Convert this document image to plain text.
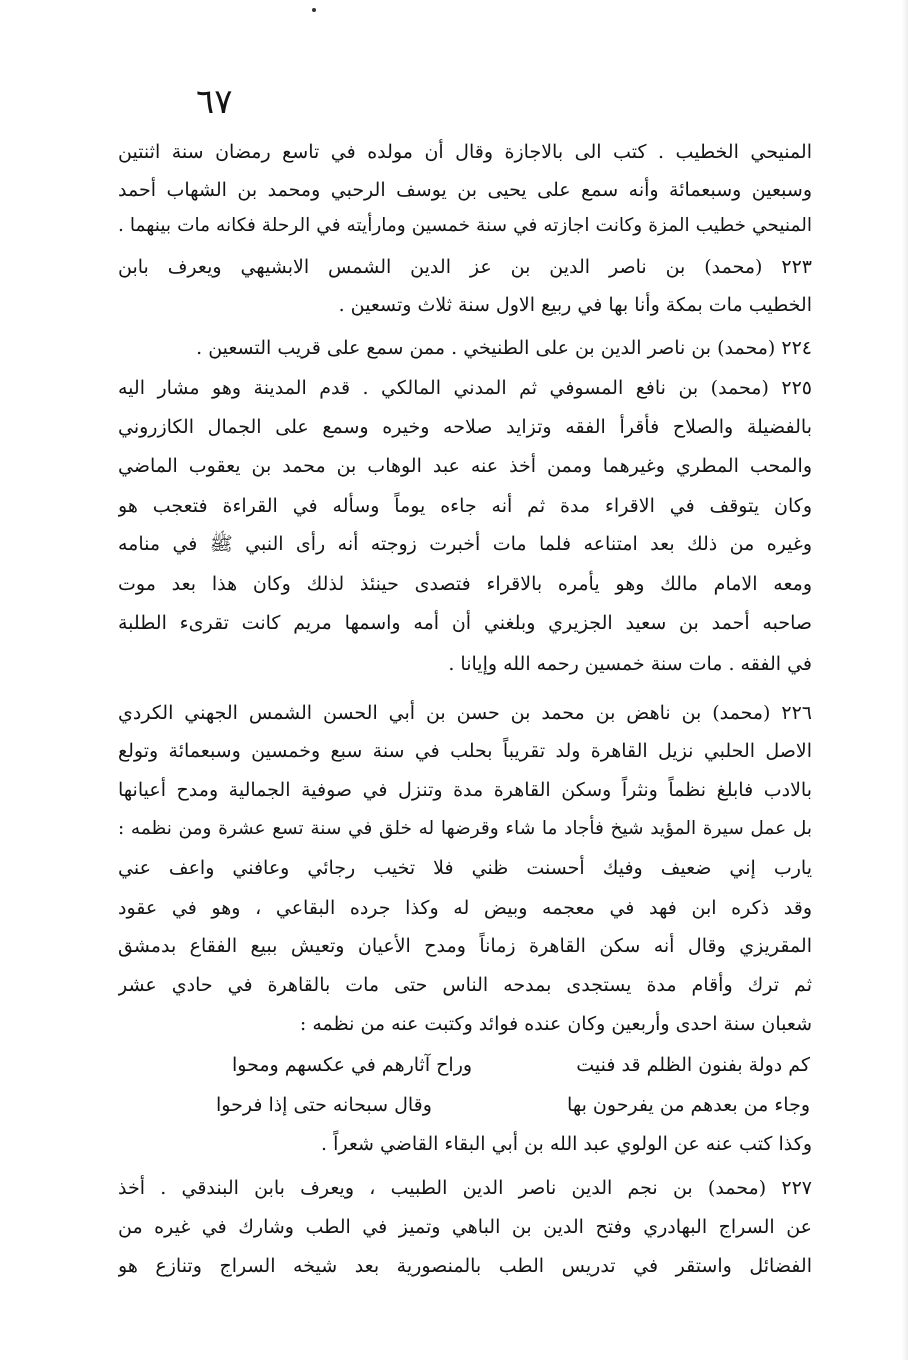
٦٧
المنيحي الخطيب . كتب الى بالاجازة وقال أن مولده في تاسع رمضان سنة اثنتين
وسبعين وسبعمائة وأنه سمع على يحيى بن يوسف الرحبي ومحمد بن الشهاب أحمد
المنيحي خطيب المزة وكانت اجازته في سنة خمسين ومارأيته في الرحلة فكانه مات بينهما .
٢٢٣ (محمد) بن ناصر الدين بن عز الدين الشمس الابشيهي ويعرف بابن
الخطيب مات بمكة وأنا بها في ربيع الاول سنة ثلاث وتسعين .
٢٢٤ (محمد) بن ناصر الدين بن على الطنيخي . ممن سمع على قريب التسعين .
٢٢٥ (محمد) بن نافع المسوفي ثم المدني المالكي . قدم المدينة وهو مشار اليه
بالفضيلة والصلاح فأقرأ الفقه وتزايد صلاحه وخيره وسمع على الجمال الكازروني
والمحب المطري وغيرهما وممن أخذ عنه عبد الوهاب بن محمد بن يعقوب الماضي
وكان يتوقف في الاقراء مدة ثم أنه جاءه يوماً وسأله في القراءة فتعجب هو
وغيره من ذلك بعد امتناعه فلما مات أخبرت زوجته أنه رأى النبي ﷺ في منامه
ومعه الامام مالك وهو يأمره بالاقراء فتصدى حينئذ لذلك وكان هذا بعد موت
صاحبه أحمد بن سعيد الجزيري وبلغني أن أمه واسمها مريم كانت تقرىء الطلبة
في الفقه . مات سنة خمسين رحمه الله وإيانا .
٢٢٦ (محمد) بن ناهض بن محمد بن حسن بن أبي الحسن الشمس الجهني الكردي
الاصل الحلبي نزيل القاهرة ولد تقريباً بحلب في سنة سبع وخمسين وسبعمائة وتولع
بالادب فابلغ نظماً ونثراً وسكن القاهرة مدة وتنزل في صوفية الجمالية ومدح أعيانها
بل عمل سيرة المؤيد شيخ فأجاد ما شاء وقرضها له خلق في سنة تسع عشرة ومن نظمه :
يارب إني ضعيف وفيك أحسنت ظني فلا تخيب رجائي وعافني واعف عني
وقد ذكره ابن فهد في معجمه وبيض له وكذا جرده البقاعي ، وهو في عقود
المقريزي وقال أنه سكن القاهرة زماناً ومدح الأعيان وتعيش ببيع الفقاع بدمشق
ثم ترك وأقام مدة يستجدى بمدحه الناس حتى مات بالقاهرة في حادي عشر
شعبان سنة احدى وأربعين وكان عنده فوائد وكتبت عنه من نظمه :
كم دولة بفنون الظلم قد فنيت
وراح آثارهم في عكسهم ومحوا
وجاء من بعدهم من يفرحون بها
وقال سبحانه حتى إذا فرحوا
وكذا كتب عنه عن الولوي عبد الله بن أبي البقاء القاضي شعراً .
٢٢٧ (محمد) بن نجم الدين ناصر الدين الطبيب ، ويعرف بابن البندقي . أخذ
عن السراج البهادري وفتح الدين بن الباهي وتميز في الطب وشارك في غيره من
الفضائل واستقر في تدريس الطب بالمنصورية بعد شيخه السراج وتنازع هو
